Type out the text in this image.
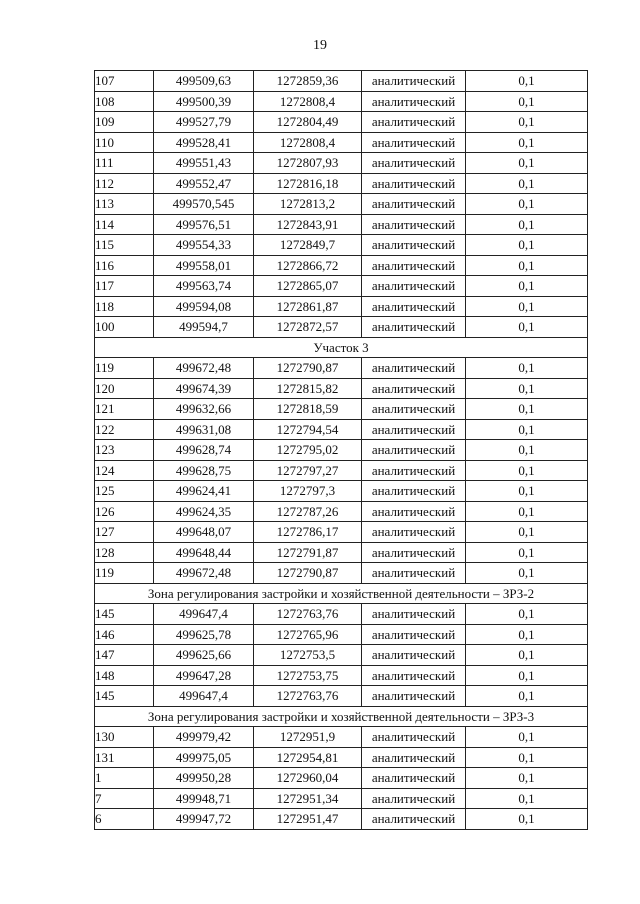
19
107	499509,63	1272859,36	аналитический	0,1
108	499500,39	1272808,4	аналитический	0,1
109	499527,79	1272804,49	аналитический	0,1
110	499528,41	1272808,4	аналитический	0,1
111	499551,43	1272807,93	аналитический	0,1
112	499552,47	1272816,18	аналитический	0,1
113	499570,545	1272813,2	аналитический	0,1
114	499576,51	1272843,91	аналитический	0,1
115	499554,33	1272849,7	аналитический	0,1
116	499558,01	1272866,72	аналитический	0,1
117	499563,74	1272865,07	аналитический	0,1
118	499594,08	1272861,87	аналитический	0,1
100	499594,7	1272872,57	аналитический	0,1
Участок 3				
119	499672,48	1272790,87	аналитический	0,1
120	499674,39	1272815,82	аналитический	0,1
121	499632,66	1272818,59	аналитический	0,1
122	499631,08	1272794,54	аналитический	0,1
123	499628,74	1272795,02	аналитический	0,1
124	499628,75	1272797,27	аналитический	0,1
125	499624,41	1272797,3	аналитический	0,1
126	499624,35	1272787,26	аналитический	0,1
127	499648,07	1272786,17	аналитический	0,1
128	499648,44	1272791,87	аналитический	0,1
119	499672,48	1272790,87	аналитический	0,1
Зона регулирования застройки и хозяйственной деятельности – ЗРЗ-2				
145	499647,4	1272763,76	аналитический	0,1
146	499625,78	1272765,96	аналитический	0,1
147	499625,66	1272753,5	аналитический	0,1
148	499647,28	1272753,75	аналитический	0,1
145	499647,4	1272763,76	аналитический	0,1
Зона регулирования застройки и хозяйственной деятельности – ЗРЗ-3				
130	499979,42	1272951,9	аналитический	0,1
131	499975,05	1272954,81	аналитический	0,1
1	499950,28	1272960,04	аналитический	0,1
7	499948,71	1272951,34	аналитический	0,1
6	499947,72	1272951,47	аналитический	0,1
